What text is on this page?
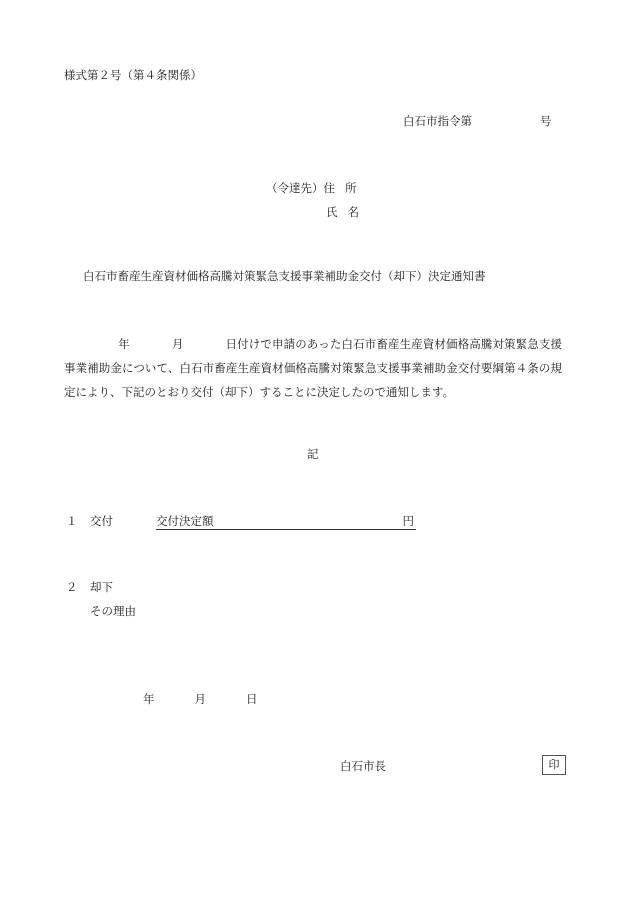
様式第２号（第４条関係）
白石市指令第	号
（令達先）住 所
氏 名
白石市畜産生産資材価格高騰対策緊急支援事業補助金交付（却下）決定通知書
年	月	日付けで申請のあった白石市畜産生産資材価格高騰対策緊急支援事業補助金について、白石市畜産生産資材価格高騰対策緊急支援事業補助金交付要綱第４条の規定により、下記のとおり交付（却下）することに決定したので通知します。
記
１ 交付	交付決定額	円
２ 却下
その理由
年	月	日
白石市長	印
